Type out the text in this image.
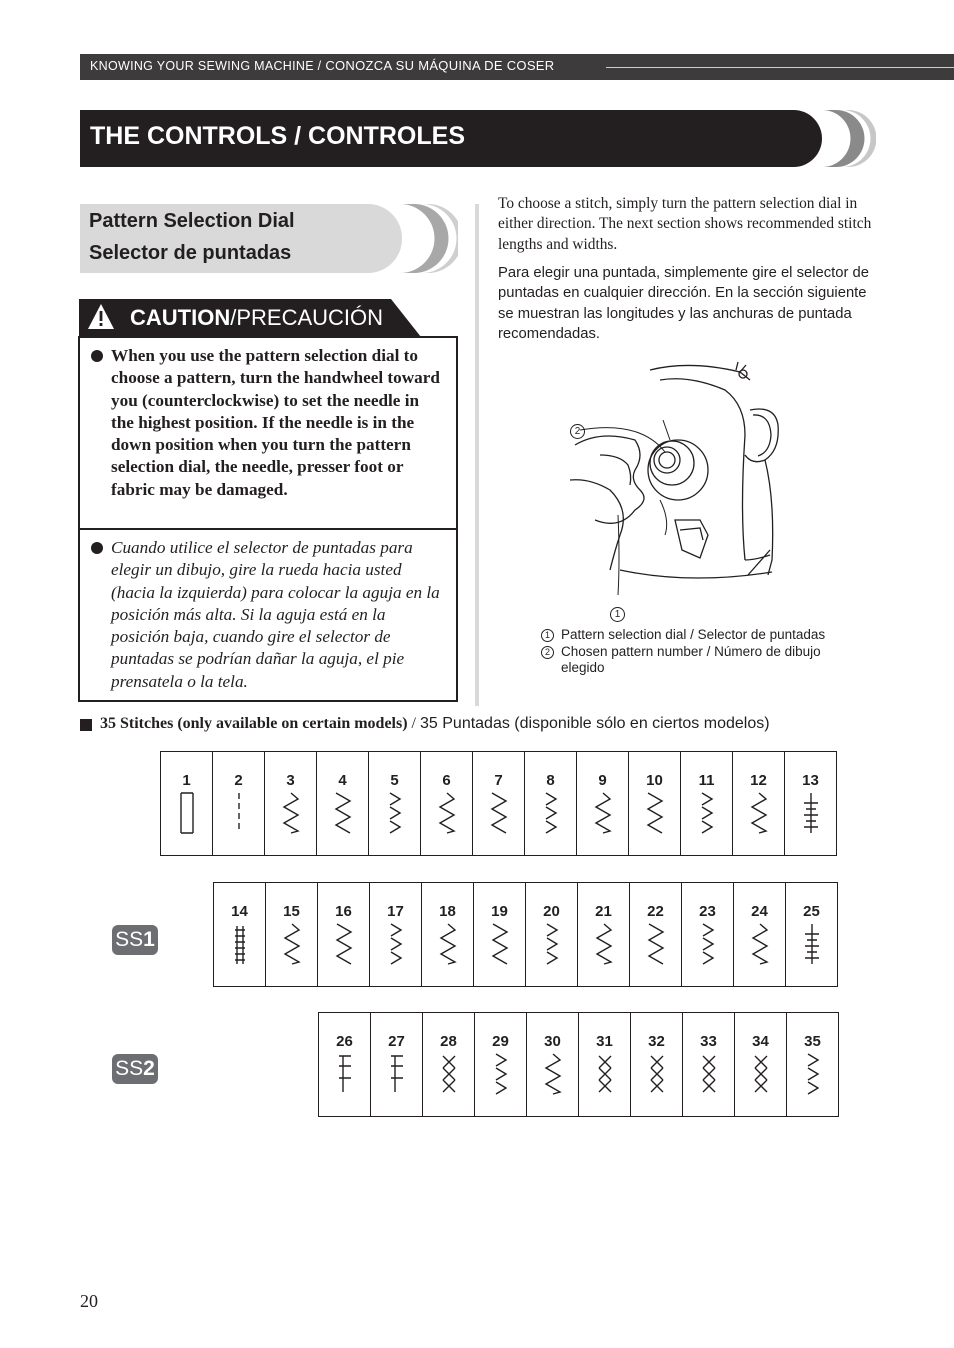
KNOWING YOUR SEWING MACHINE / CONOZCA SU MÁQUINA DE COSER
THE CONTROLS / CONTROLES
Pattern Selection Dial
Selector de puntadas
CAUTION/PRECAUCIÓN
When you use the pattern selection dial to choose a pattern, turn the handwheel toward you (counterclockwise) to set the needle in the highest position. If the needle is in the down position when you turn the pattern selection dial, the needle, presser foot or fabric may be damaged.
Cuando utilice el selector de puntadas para elegir un dibujo, gire la rueda hacia usted (hacia la izquierda) para colocar la aguja en la posición más alta. Si la aguja está en la posición baja, cuando gire el selector de puntadas se podrían dañar la aguja, el pie prensatela o la tela.
To choose a stitch, simply turn the pattern selection dial in either direction. The next section shows recommended stitch lengths and widths.
Para elegir una puntada, simplemente gire el selector de puntadas en cualquier dirección. En la sección siguiente se muestran las longitudes y las anchuras de puntada recomendadas.
2
1
1 Pattern selection dial / Selector de puntadas
2 Chosen pattern number / Número de dibujo elegido
35 Stitches (only available on certain models) / 35 Puntadas (disponible sólo en ciertos modelos)
1	2	3	4	5	6	7	8	9	10	11	12	13
14	15	16	17	18	19	20	21	22	23	24	25
26	27	28	29	30	31	32	33	34	35
SS1
SS2
20
